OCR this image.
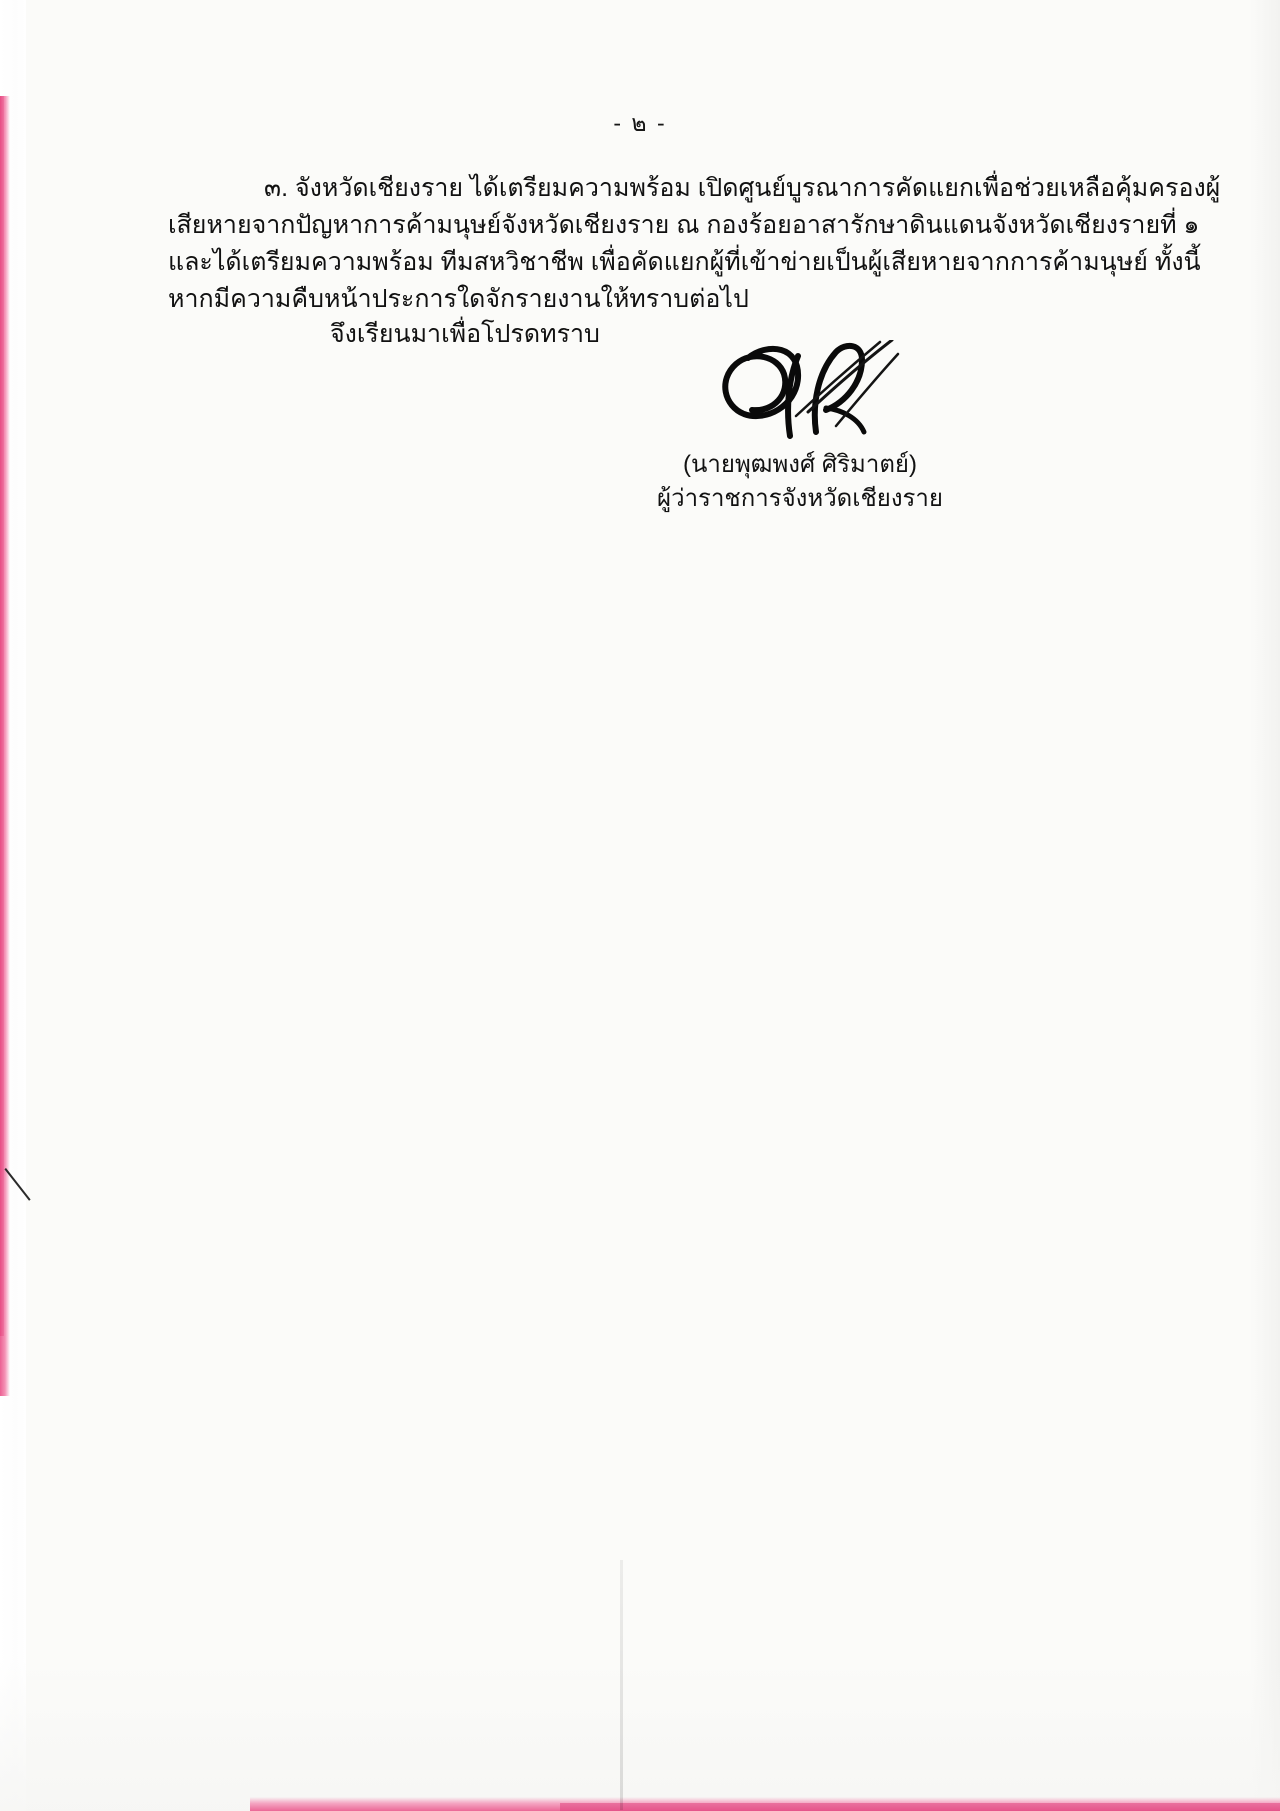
- ๒ -

๓. จังหวัดเชียงราย ได้เตรียมความพร้อม เปิดศูนย์บูรณาการคัดแยกเพื่อช่วยเหลือคุ้มครองผู้เสียหายจากปัญหาการค้ามนุษย์จังหวัดเชียงราย ณ กองร้อยอาสารักษาดินแดนจังหวัดเชียงรายที่ ๑ และได้เตรียมความพร้อม ทีมสหวิชาชีพ เพื่อคัดแยกผู้ที่เข้าข่ายเป็นผู้เสียหายจากการค้ามนุษย์ ทั้งนี้ หากมีความคืบหน้าประการใดจักรายงานให้ทราบต่อไป

จึงเรียนมาเพื่อโปรดทราบ
(นายพุฒพงศ์ ศิริมาตย์)
ผู้ว่าราชการจังหวัดเชียงราย
